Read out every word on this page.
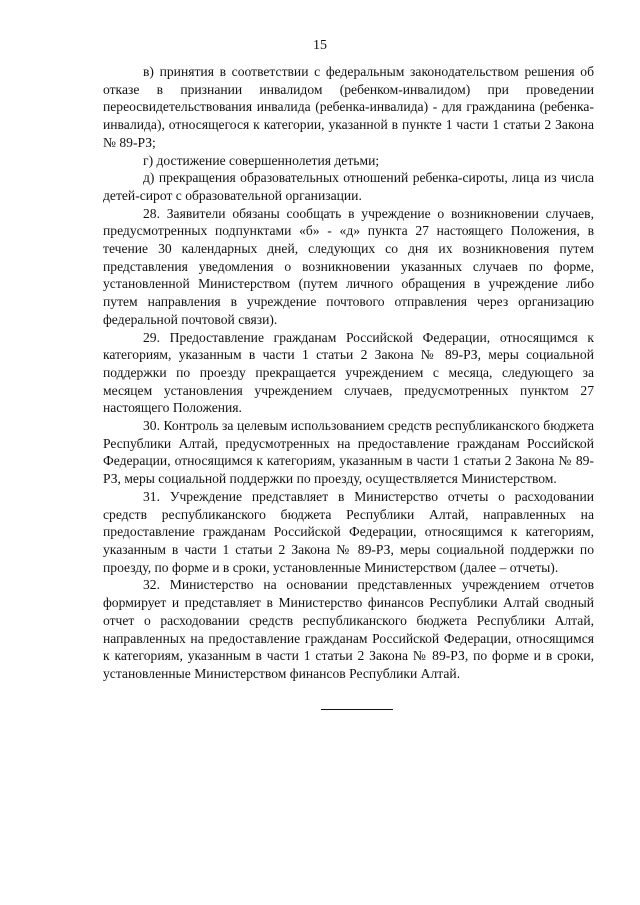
15

в) принятия в соответствии с федеральным законодательством решения об отказе в признании инвалидом (ребенком-инвалидом) при проведении переосвидетельствования инвалида (ребенка-инвалида) - для гражданина (ребенка-инвалида), относящегося к категории, указанной в пункте 1 части 1 статьи 2 Закона № 89-РЗ;

г) достижение совершеннолетия детьми;

д) прекращения образовательных отношений ребенка-сироты, лица из числа детей-сирот с образовательной организации.

28. Заявители обязаны сообщать в учреждение о возникновении случаев, предусмотренных подпунктами «б» - «д» пункта 27 настоящего Положения, в течение 30 календарных дней, следующих со дня их возникновения путем представления уведомления о возникновении указанных случаев по форме, установленной Министерством (путем личного обращения в учреждение либо путем направления в учреждение почтового отправления через организацию федеральной почтовой связи).

29. Предоставление гражданам Российской Федерации, относящимся к категориям, указанным в части 1 статьи 2 Закона № 89-РЗ, меры социальной поддержки по проезду прекращается учреждением с месяца, следующего за месяцем установления учреждением случаев, предусмотренных пунктом 27 настоящего Положения.

30. Контроль за целевым использованием средств республиканского бюджета Республики Алтай, предусмотренных на предоставление гражданам Российской Федерации, относящимся к категориям, указанным в части 1 статьи 2 Закона № 89-РЗ, меры социальной поддержки по проезду, осуществляется Министерством.

31. Учреждение представляет в Министерство отчеты о расходовании средств республиканского бюджета Республики Алтай, направленных на предоставление гражданам Российской Федерации, относящимся к категориям, указанным в части 1 статьи 2 Закона № 89-РЗ, меры социальной поддержки по проезду, по форме и в сроки, установленные Министерством (далее – отчеты).

32. Министерство на основании представленных учреждением отчетов формирует и представляет в Министерство финансов Республики Алтай сводный отчет о расходовании средств республиканского бюджета Республики Алтай, направленных на предоставление гражданам Российской Федерации, относящимся к категориям, указанным в части 1 статьи 2 Закона № 89-РЗ, по форме и в сроки, установленные Министерством финансов Республики Алтай.
